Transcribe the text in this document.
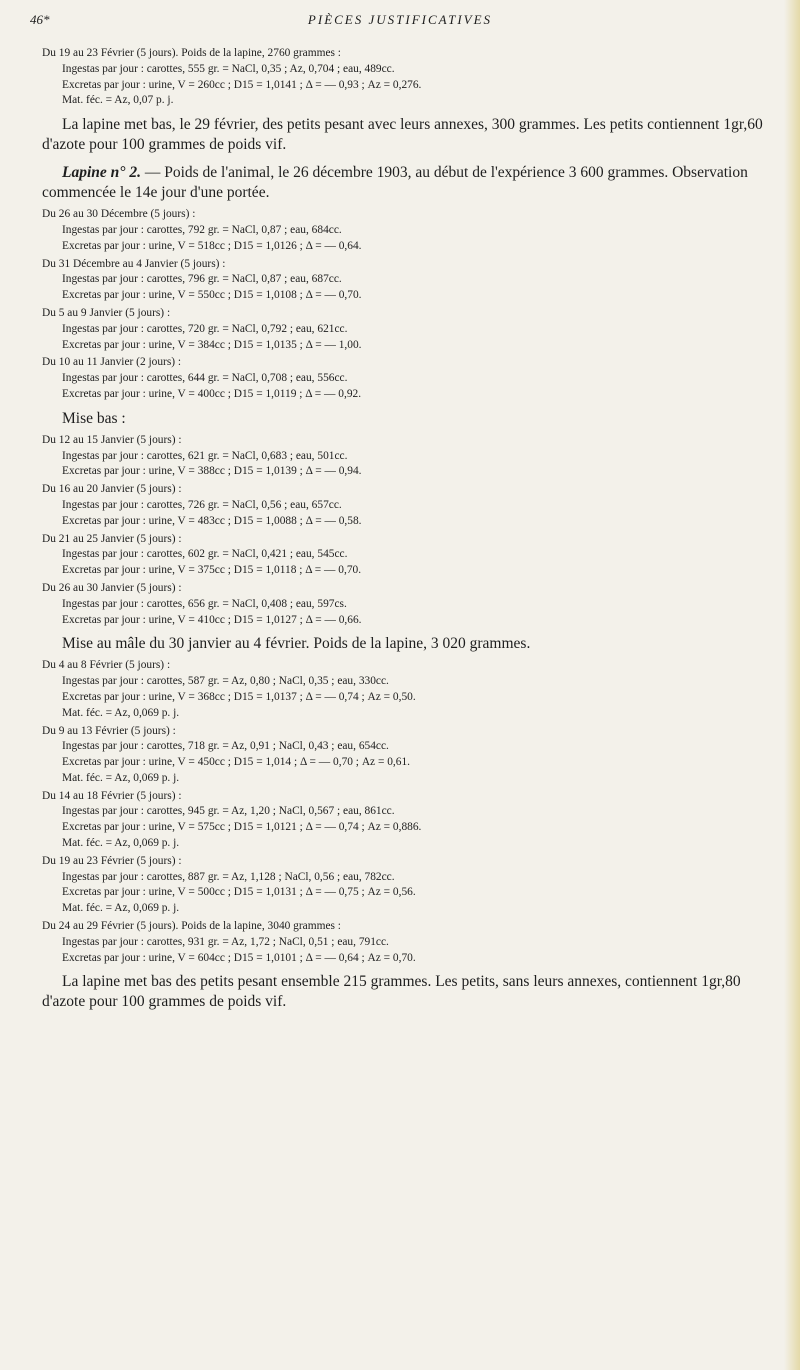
46*	PIÈCES JUSTIFICATIVES
Du 19 au 23 Février (5 jours). Poids de la lapine, 2760 grammes :
Ingestas par jour : carottes, 555 gr. = NaCl, 0,35 ; Az, 0,704 ; eau, 489cc.
Excretas par jour : urine, V = 260cc ; D15 = 1,0141 ; Δ = — 0,93 ; Az = 0,276.
Mat. féc. = Az, 0,07 p. j.

La lapine met bas, le 29 février, des petits pesant avec leurs annexes, 300 grammes. Les petits contiennent 1gr,60 d'azote pour 100 grammes de poids vif.

Lapine n° 2. — Poids de l'animal, le 26 décembre 1903, au début de l'expérience 3 600 grammes. Observation commencée le 14e jour d'une portée.

Du 26 au 30 Décembre (5 jours) :
Ingestas par jour : carottes, 792 gr. = NaCl, 0,87 ; eau, 684cc.
Excretas par jour : urine, V = 518cc ; D15 = 1,0126 ; Δ = — 0,64.
Du 31 Décembre au 4 Janvier (5 jours) :
Ingestas par jour : carottes, 796 gr. = NaCl, 0,87 ; eau, 687cc.
Excretas par jour : urine, V = 550cc ; D15 = 1,0108 ; Δ = — 0,70.
Du 5 au 9 Janvier (5 jours) :
Ingestas par jour : carottes, 720 gr. = NaCl, 0,792 ; eau, 621cc.
Excretas par jour : urine, V = 384cc ; D15 = 1,0135 ; Δ = — 1,00.
Du 10 au 11 Janvier (2 jours) :
Ingestas par jour : carottes, 644 gr. = NaCl, 0,708 ; eau, 556cc.
Excretas par jour : urine, V = 400cc ; D15 = 1,0119 ; Δ = — 0,92.

Mise bas :

Du 12 au 15 Janvier (5 jours) :
Ingestas par jour : carottes, 621 gr. = NaCl, 0,683 ; eau, 501cc.
Excretas par jour : urine, V = 388cc ; D15 = 1,0139 ; Δ = — 0,94.
Du 16 au 20 Janvier (5 jours) :
Ingestas par jour : carottes, 726 gr. = NaCl, 0,56 ; eau, 657cc.
Excretas par jour : urine, V = 483cc ; D15 = 1,0088 ; Δ = — 0,58.
Du 21 au 25 Janvier (5 jours) :
Ingestas par jour : carottes, 602 gr. = NaCl, 0,421 ; eau, 545cc.
Excretas par jour : urine, V = 375cc ; D15 = 1,0118 ; Δ = — 0,70.
Du 26 au 30 Janvier (5 jours) :
Ingestas par jour : carottes, 656 gr. = NaCl, 0,408 ; eau, 597cs.
Excretas par jour : urine, V = 410cc ; D15 = 1,0127 ; Δ = — 0,66.

Mise au mâle du 30 janvier au 4 février. Poids de la lapine, 3 020 grammes.

Du 4 au 8 Février (5 jours) :
Ingestas par jour : carottes, 587 gr. = Az, 0,80 ; NaCl, 0,35 ; eau, 330cc.
Excretas par jour : urine, V = 368cc ; D15 = 1,0137 ; Δ = — 0,74 ; Az = 0,50.
Mat. féc. = Az, 0,069 p. j.
Du 9 au 13 Février (5 jours) :
Ingestas par jour : carottes, 718 gr. = Az, 0,91 ; NaCl, 0,43 ; eau, 654cc.
Excretas par jour : urine, V = 450cc ; D15 = 1,014 ; Δ = — 0,70 ; Az = 0,61.
Mat. féc. = Az, 0,069 p. j.
Du 14 au 18 Février (5 jours) :
Ingestas par jour : carottes, 945 gr. = Az, 1,20 ; NaCl, 0,567 ; eau, 861cc.
Excretas par jour : urine, V = 575cc ; D15 = 1,0121 ; Δ = — 0,74 ; Az = 0,886.
Mat. féc. = Az, 0,069 p. j.
Du 19 au 23 Février (5 jours) :
Ingestas par jour : carottes, 887 gr. = Az, 1,128 ; NaCl, 0,56 ; eau, 782cc.
Excretas par jour : urine, V = 500cc ; D15 = 1,0131 ; Δ = — 0,75 ; Az = 0,56.
Mat. féc. = Az, 0,069 p. j.
Du 24 au 29 Février (5 jours). Poids de la lapine, 3040 grammes :
Ingestas par jour : carottes, 931 gr. = Az, 1,72 ; NaCl, 0,51 ; eau, 791cc.
Excretas par jour : urine, V = 604cc ; D15 = 1,0101 ; Δ = — 0,64 ; Az = 0,70.

La lapine met bas des petits pesant ensemble 215 grammes. Les petits, sans leurs annexes, contiennent 1gr,80 d'azote pour 100 grammes de poids vif.
